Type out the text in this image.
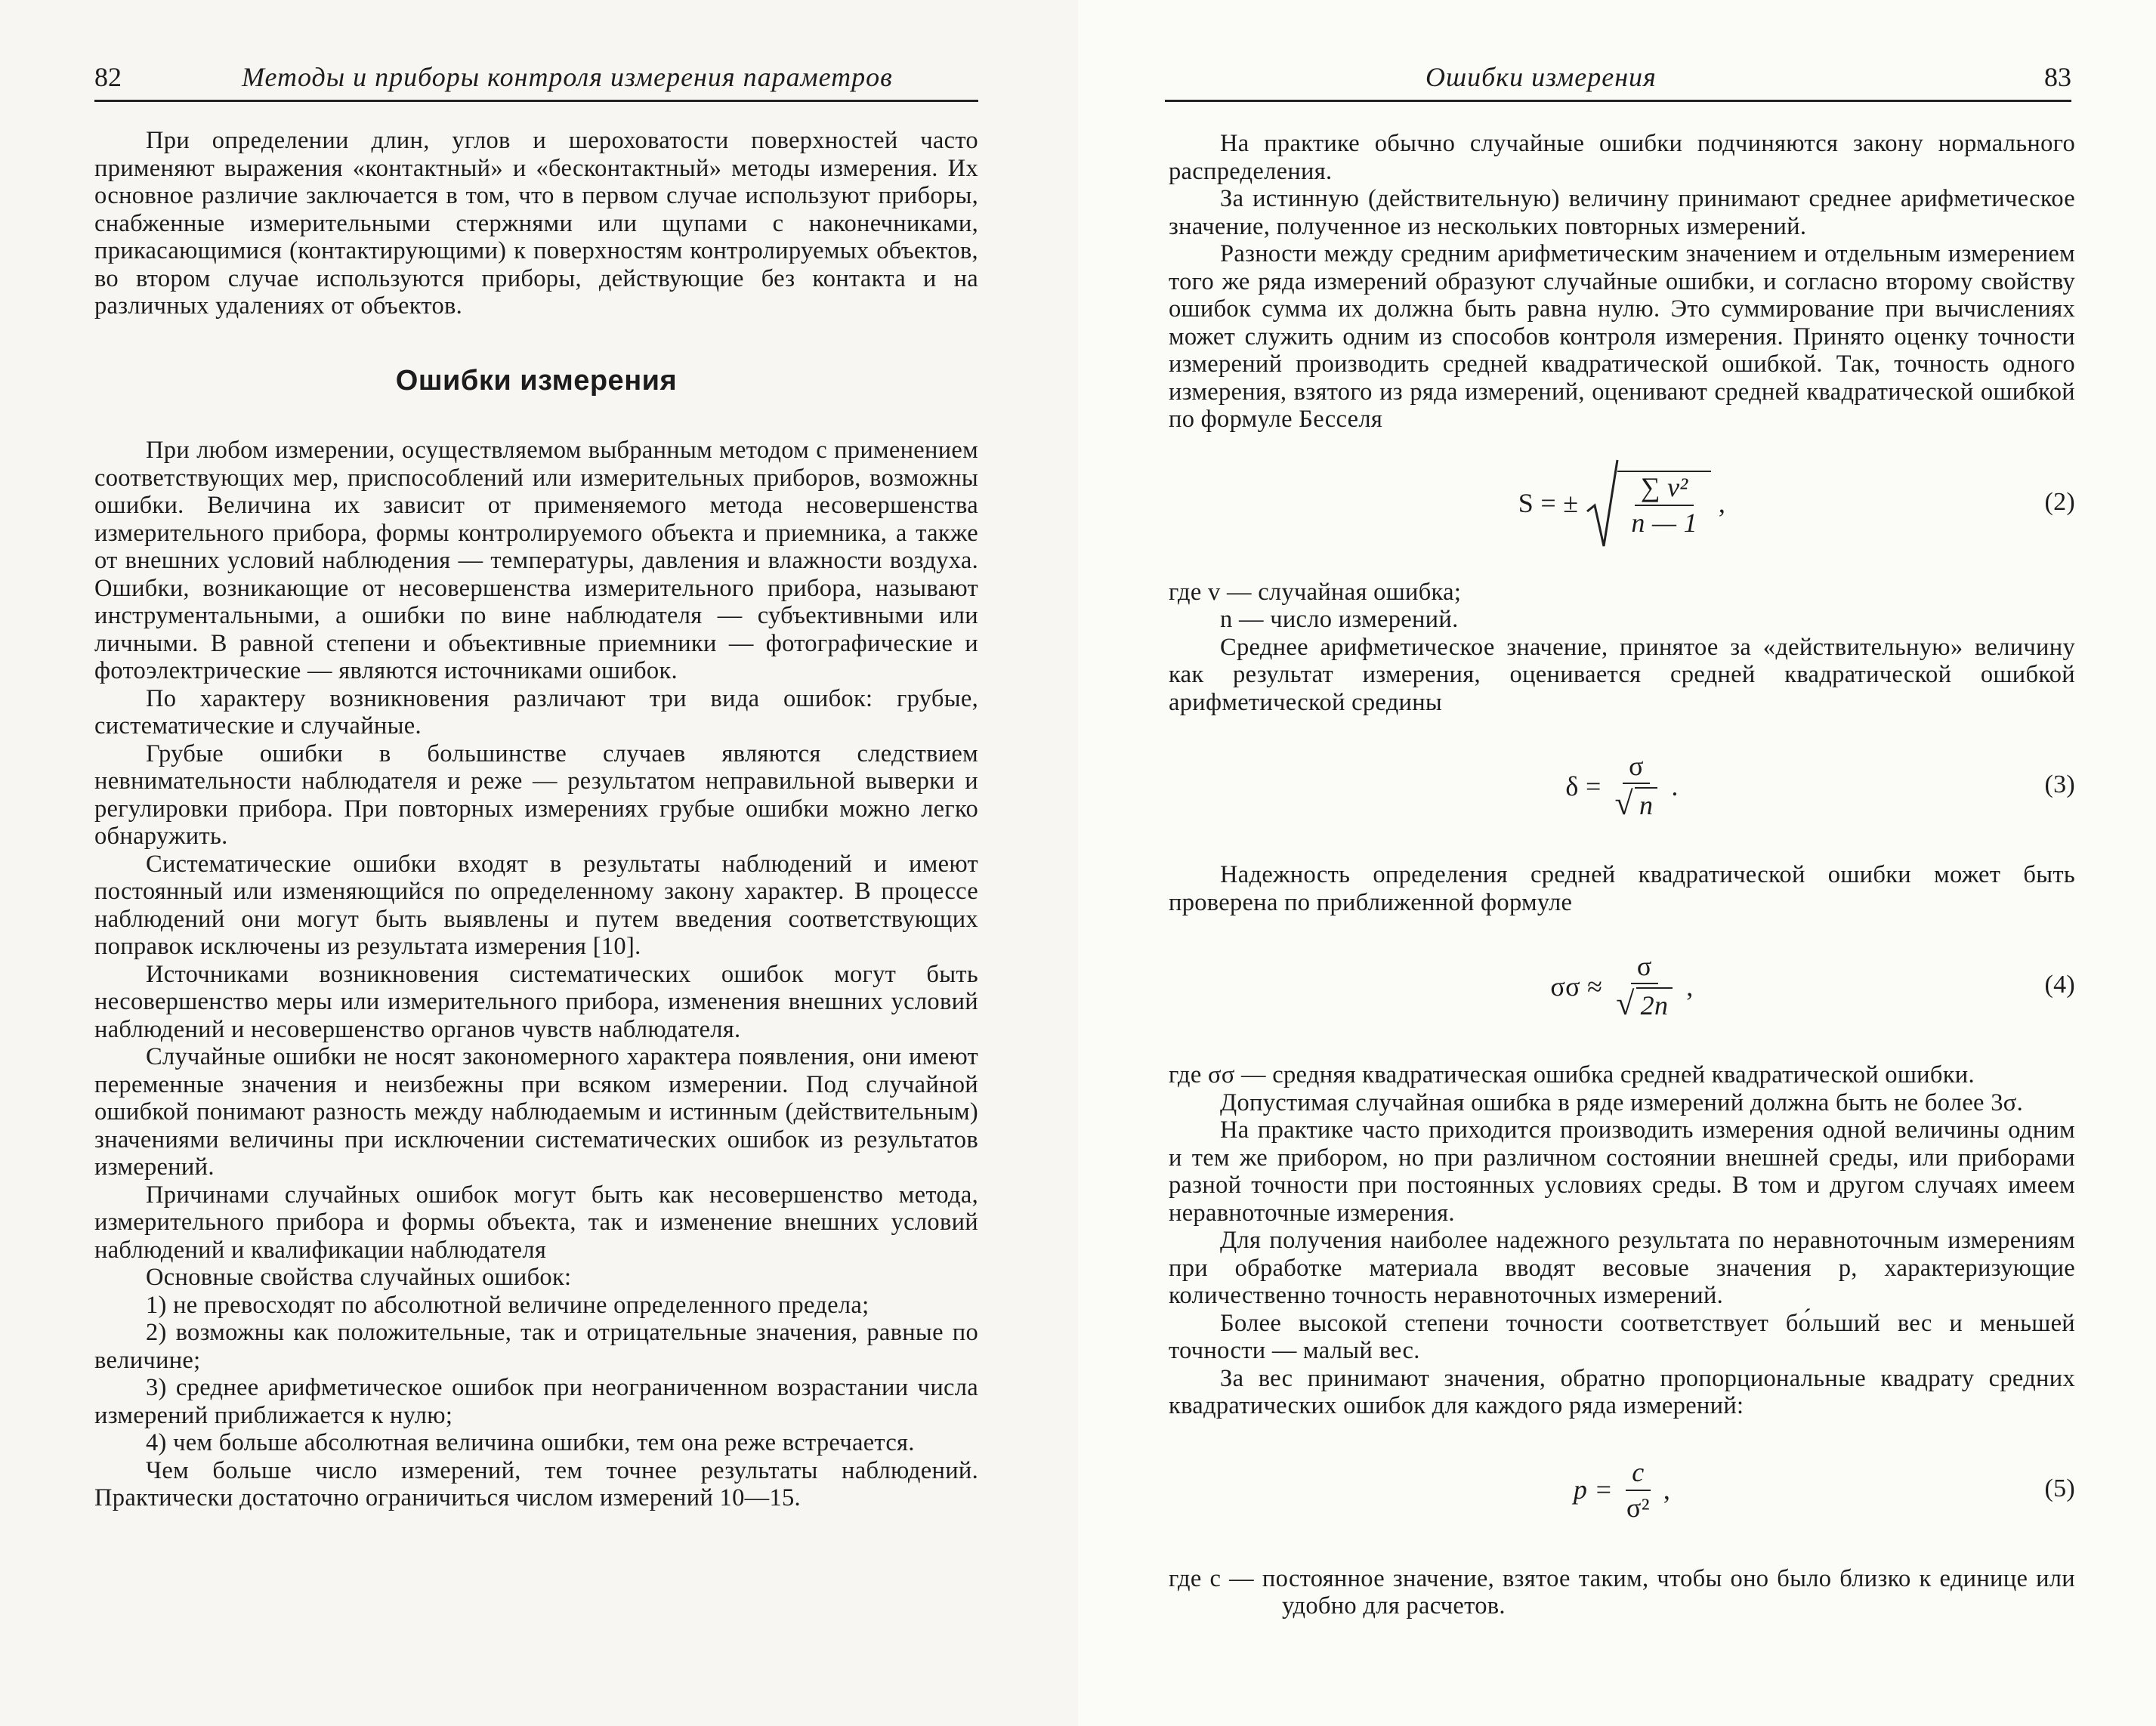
82	Методы и приборы контроля измерения параметров

При определении длин, углов и шероховатости поверхностей часто применяют выражения «контактный» и «бесконтактный» методы измерения. Их основное различие заключается в том, что в первом случае используют приборы, снабженные измерительными стержнями или щупами с наконечниками, прикасающимися (контактирующими) к поверхностям контролируемых объектов, во втором случае используются приборы, действующие без контакта и на различных удалениях от объектов.

Ошибки измерения

При любом измерении, осуществляемом выбранным методом с применением соответствующих мер, приспособлений или измерительных приборов, возможны ошибки. Величина их зависит от применяемого метода несовершенства измерительного прибора, формы контролируемого объекта и приемника, а также от внешних условий наблюдения — температуры, давления и влажности воздуха. Ошибки, возникающие от несовершенства измерительного прибора, называют инструментальными, а ошибки по вине наблюдателя — субъективными или личными. В равной степени и объективные приемники — фотографические и фотоэлектрические — являются источниками ошибок.

По характеру возникновения различают три вида ошибок: грубые, систематические и случайные.

Грубые ошибки в большинстве случаев являются следствием невнимательности наблюдателя и реже — результатом неправильной выверки и регулировки прибора. При повторных измерениях грубые ошибки можно легко обнаружить.

Систематические ошибки входят в результаты наблюдений и имеют постоянный или изменяющийся по определенному закону характер. В процессе наблюдений они могут быть выявлены и путем введения соответствующих поправок исключены из результата измерения [10].

Источниками возникновения систематических ошибок могут быть несовершенство меры или измерительного прибора, изменения внешних условий наблюдений и несовершенство органов чувств наблюдателя.

Случайные ошибки не носят закономерного характера появления, они имеют переменные значения и неизбежны при всяком измерении. Под случайной ошибкой понимают разность между наблюдаемым и истинным (действительным) значениями величины при исключении систематических ошибок из результатов измерений.

Причинами случайных ошибок могут быть как несовершенство метода, измерительного прибора и формы объекта, так и изменение внешних условий наблюдений и квалификации наблюдателя

Основные свойства случайных ошибок:

1) не превосходят по абсолютной величине определенного предела;

2) возможны как положительные, так и отрицательные значения, равные по величине;

3) среднее арифметическое ошибок при неограниченном возрастании числа измерений приближается к нулю;

4) чем больше абсолютная величина ошибки, тем она реже встречается.

Чем больше число измерений, тем точнее результаты наблюдений. Практически достаточно ограничиться числом измерений 10—15.

Ошибки измерения	83

На практике обычно случайные ошибки подчиняются закону нормального распределения.

За истинную (действительную) величину принимают среднее арифметическое значение, полученное из нескольких повторных измерений.

Разности между средним арифметическим значением и отдельным измерением того же ряда измерений образуют случайные ошибки, и согласно второму свойству ошибок сумма их должна быть равна нулю. Это суммирование при вычислениях может служить одним из способов контроля измерения. Принято оценку точности измерений производить средней квадратической ошибкой. Так, точность одного измерения, взятого из ряда измерений, оценивают средней квадратической ошибкой по формуле Бесселя

S = ± $\frac{\text{∑ v²}}{n — 1}$ ,	(2)

где v — случайная ошибка;

n — число измерений.

Среднее арифметическое значение, принятое за «действительную» величину как результат измерения, оценивается средней квадратической ошибкой арифметической средины

$\delta = \frac{\sigma}{√ n}$ .	(3)

Надежность определения средней квадратической ошибки может быть проверена по приближенной формуле

$\sigma\sigma \approx \frac{\sigma}{√ 2n}$ ,	(4)

где σσ — средняя квадратическая ошибка средней квадратической ошибки.

Допустимая случайная ошибка в ряде измерений должна быть не более 3σ.

На практике часто приходится производить измерения одной величины одним и тем же прибором, но при различном состоянии внешней среды, или приборами разной точности при постоянных условиях среды. В том и другом случаях имеем неравноточные измерения.

Для получения наиболее надежного результата по неравноточным измерениям при обработке материала вводят весовые значения p, характеризующие количественно точность неравноточных измерений.

Более высокой степени точности соответствует бо́льший вес и меньшей точности — малый вес.

За вес принимают значения, обратно пропорциональные квадрату средних квадратических ошибок для каждого ряда измерений:

$p = \frac{c}{\text{σ²}}$ ,	(5)

где c — постоянное значение, взятое таким, чтобы оно было близко к единице или удобно для расчетов.
